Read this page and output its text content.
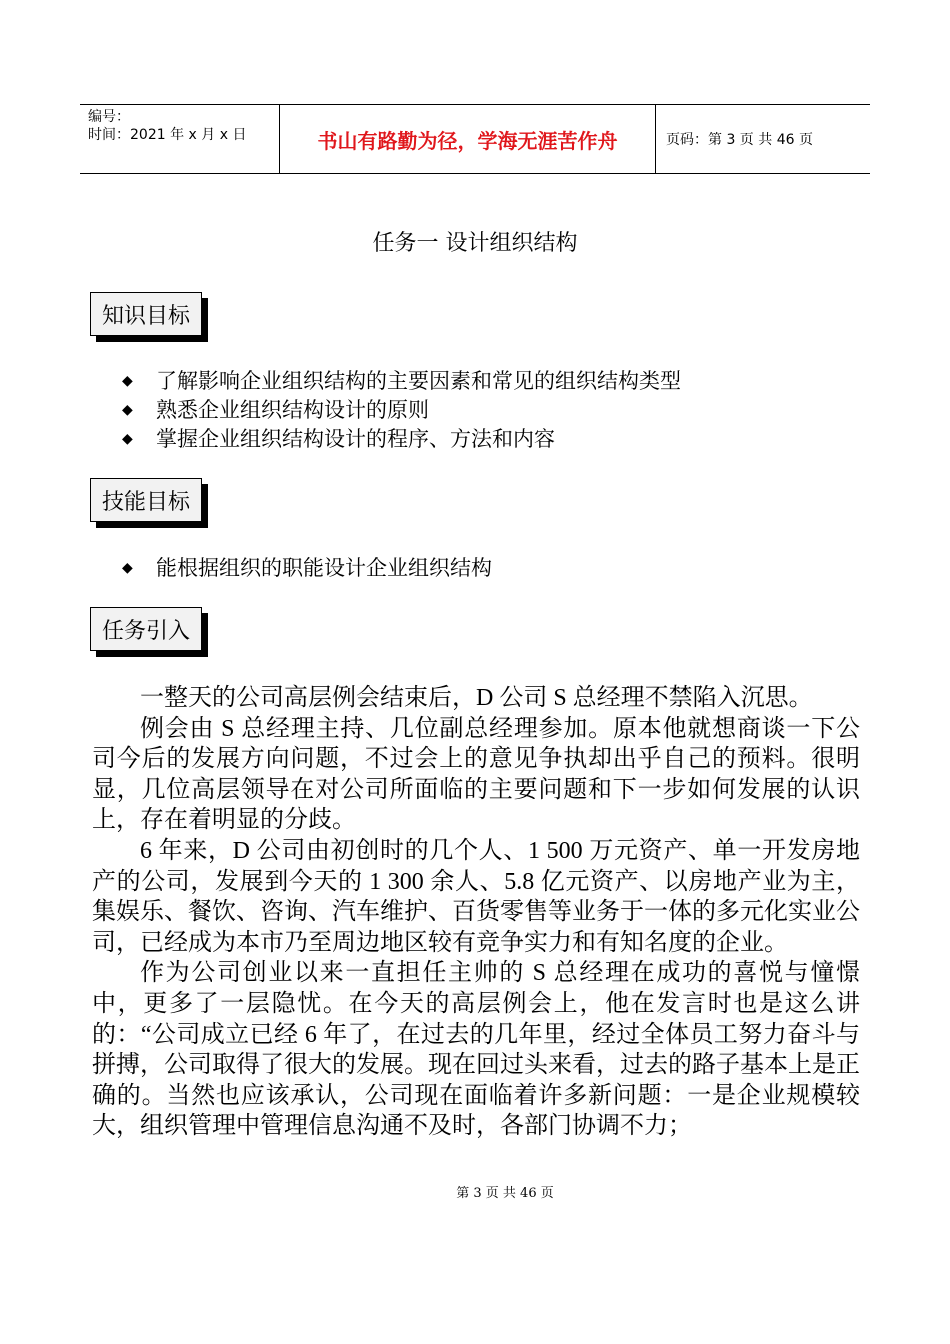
编号：
时间：2021 年 x 月 x 日	书山有路勤为径，学海无涯苦作舟	页码：第 3 页 共 46 页
任务一 设计组织结构
知识目标
◆	了解影响企业组织结构的主要因素和常见的组织结构类型
◆	熟悉企业组织结构设计的原则
◆	掌握企业组织结构设计的程序、方法和内容
技能目标
◆	能根据组织的职能设计企业组织结构
任务引入

一整天的公司高层例会结束后，D 公司 S 总经理不禁陷入沉思。

例会由 S 总经理主持、几位副总经理参加。原本他就想商谈一下公司今后的发展方向问题，不过会上的意见争执却出乎自己的预料。很明显，几位高层领导在对公司所面临的主要问题和下一步如何发展的认识上，存在着明显的分歧。

6 年来，D 公司由初创时的几个人、1 500 万元资产、单一开发房地产的公司，发展到今天的 1 300 余人、5.8 亿元资产、以房地产业为主，集娱乐、餐饮、咨询、汽车维护、百货零售等业务于一体的多元化实业公司，已经成为本市乃至周边地区较有竞争实力和有知名度的企业。

作为公司创业以来一直担任主帅的 S 总经理在成功的喜悦与憧憬中，更多了一层隐忧。在今天的高层例会上，他在发言时也是这么讲的：“公司成立已经 6 年了，在过去的几年里，经过全体员工努力奋斗与拼搏，公司取得了很大的发展。现在回过头来看，过去的路子基本上是正确的。当然也应该承认，公司现在面临着许多新问题：一是企业规模较大，组织管理中管理信息沟通不及时，各部门协调不力；

第 3 页 共 46 页
